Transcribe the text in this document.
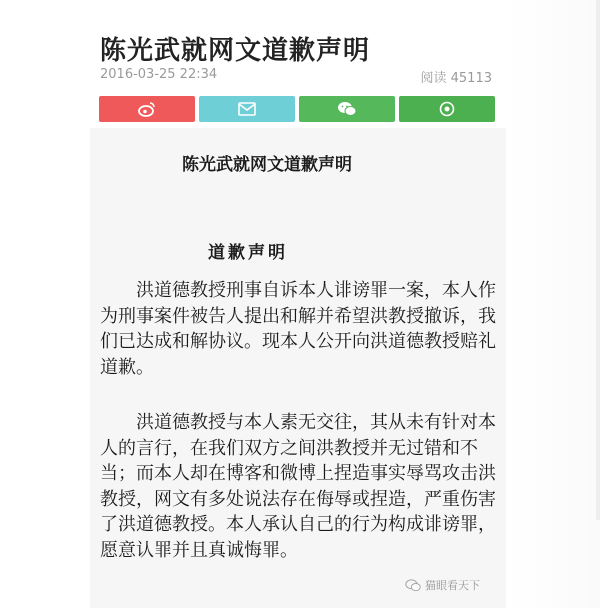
陈光武就网文道歉声明
2016-03-25 22:34	阅读 45113
陈光武就网文道歉声明
道歉声明
洪道德教授刑事自诉本人诽谤罪一案，本人作为刑事案件被告人提出和解并希望洪教授撤诉，我们已达成和解协议。现本人公开向洪道德教授赔礼道歉。
洪道德教授与本人素无交往，其从未有针对本人的言行，在我们双方之间洪教授并无过错和不当；而本人却在博客和微博上捏造事实辱骂攻击洪教授，网文有多处说法存在侮辱或捏造，严重伤害了洪道德教授。本人承认自己的行为构成诽谤罪，愿意认罪并且真诚悔罪。
猫眼看天下
